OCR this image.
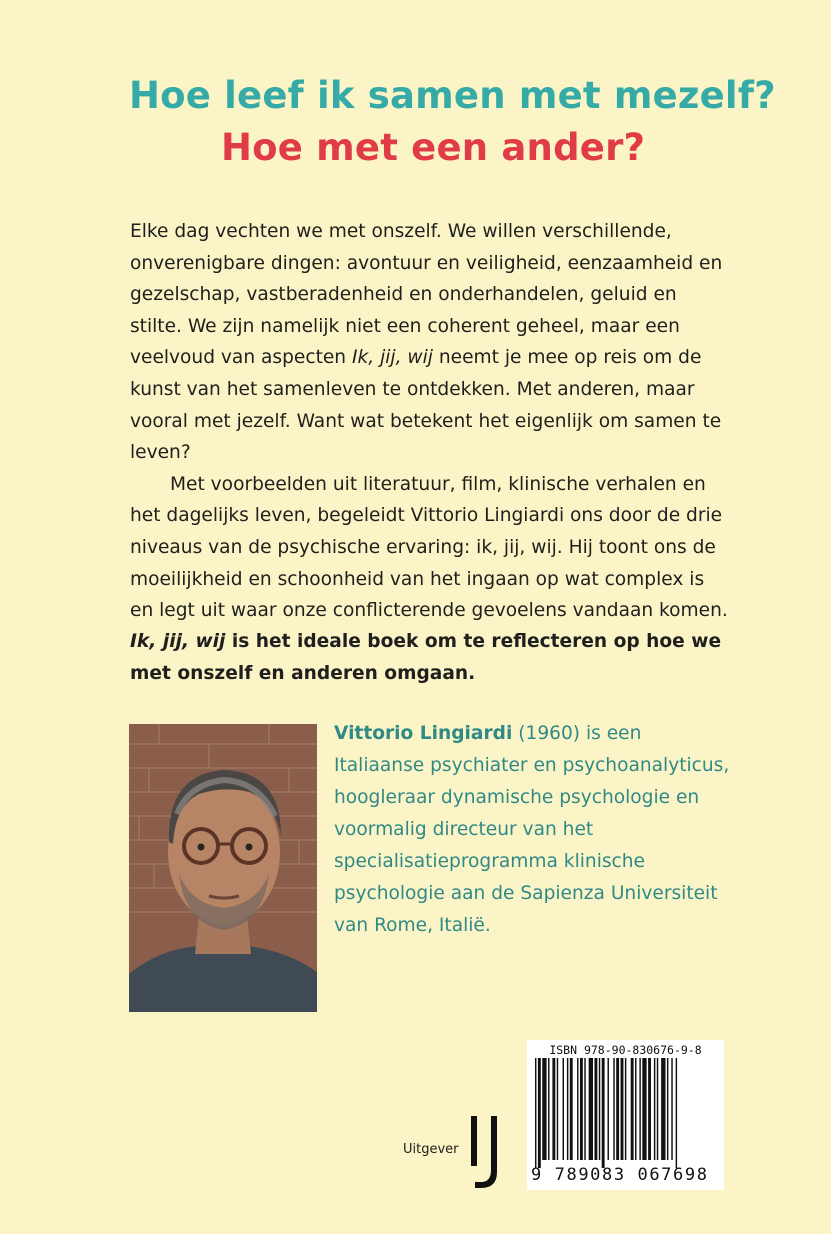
Hoe leef ik samen met mezelf?
Hoe met een ander?

Elke dag vechten we met onszelf. We willen verschillende, onverenigbare dingen: avontuur en veiligheid, eenzaamheid en gezelschap, vastberadenheid en onderhandelen, geluid en stilte. We zijn namelijk niet een coherent geheel, maar een veelvoud van aspecten Ik, jij, wij neemt je mee op reis om de kunst van het samenleven te ontdekken. Met anderen, maar vooral met jezelf. Want wat betekent het eigenlijk om samen te leven?

Met voorbeelden uit literatuur, film, klinische verhalen en het dagelijks leven, begeleidt Vittorio Lingiardi ons door de drie niveaus van de psychische ervaring: ik, jij, wij. Hij toont ons de moeilijkheid en schoonheid van het ingaan op wat complex is en legt uit waar onze conflicterende gevoelens vandaan komen.

Ik, jij, wij is het ideale boek om te reflecteren op hoe we met onszelf en anderen omgaan.
Vittorio Lingiardi (1960) is een Italiaanse psychiater en psychoanalyticus, hoogleraar dynamische psychologie en voormalig directeur van het specialisatieprogramma klinische psychologie aan de Sapienza Universiteit van Rome, Italië.
Uitgever
ISBN 978-90-830676-9-8
9 789083 067698
